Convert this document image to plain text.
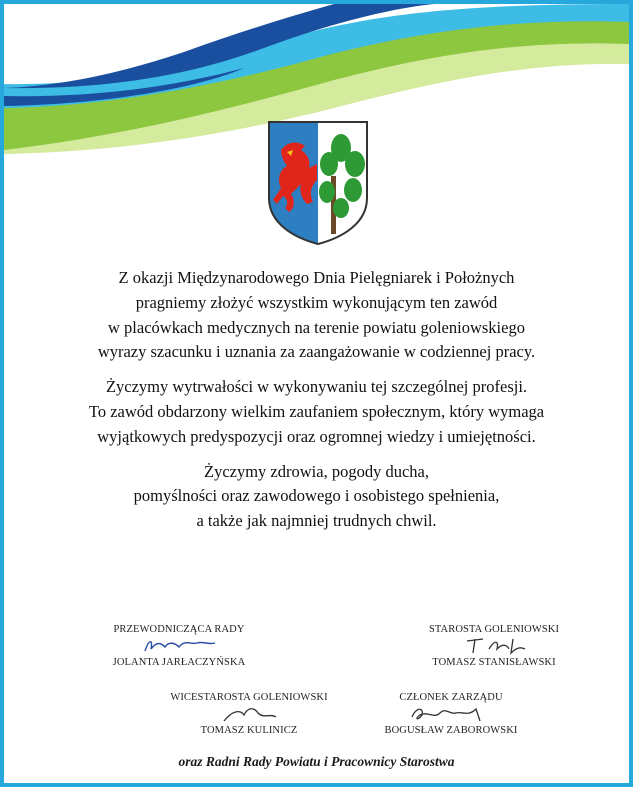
Z okazji Międzynarodowego Dnia Pielęgniarek i Położnych
pragniemy złożyć wszystkim wykonującym ten zawód
w placówkach medycznych na terenie powiatu goleniowskiego
wyrazy szacunku i uznania za zaangażowanie w codziennej pracy.

Życzymy wytrwałości w wykonywaniu tej szczególnej profesji.
To zawód obdarzony wielkim zaufaniem społecznym, który wymaga
wyjątkowych predyspozycji oraz ogromnej wiedzy i umiejętności.

Życzymy zdrowia, pogody ducha,
pomyślności oraz zawodowego i osobistego spełnienia,
a także jak najmniej trudnych chwil.

PRZEWODNICZĄCA RADY
JOLANTA JARŁACZYŃSKA
STAROSTA GOLENIOWSKI
TOMASZ STANISŁAWSKI
WICESTAROSTA GOLENIOWSKI
TOMASZ KULINICZ
CZŁONEK ZARZĄDU
BOGUSŁAW ZABOROWSKI
oraz Radni Rady Powiatu i Pracownicy Starostwa
